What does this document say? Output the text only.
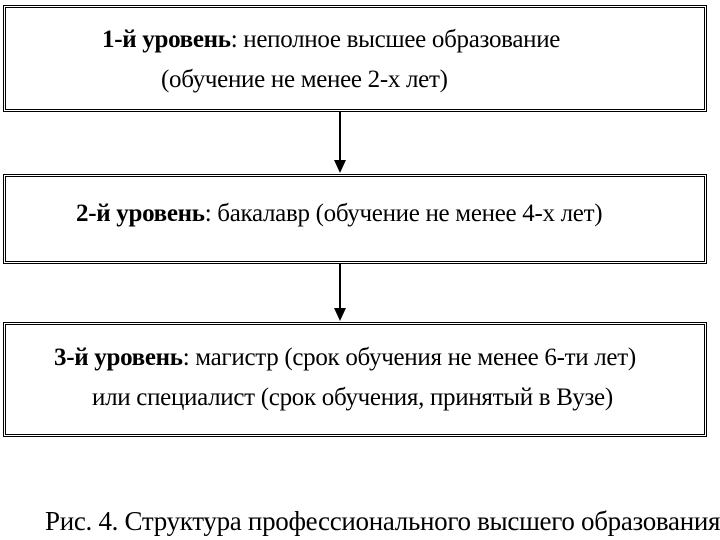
1-й уровень: неполное высшее образование
(обучение не менее 2-х лет)
2-й уровень: бакалавр (обучение не менее 4-х лет)
3-й уровень: магистр (срок обучения не менее 6-ти лет)
или специалист (срок обучения, принятый в Вузе)
Рис. 4. Структура профессионального высшего образования
